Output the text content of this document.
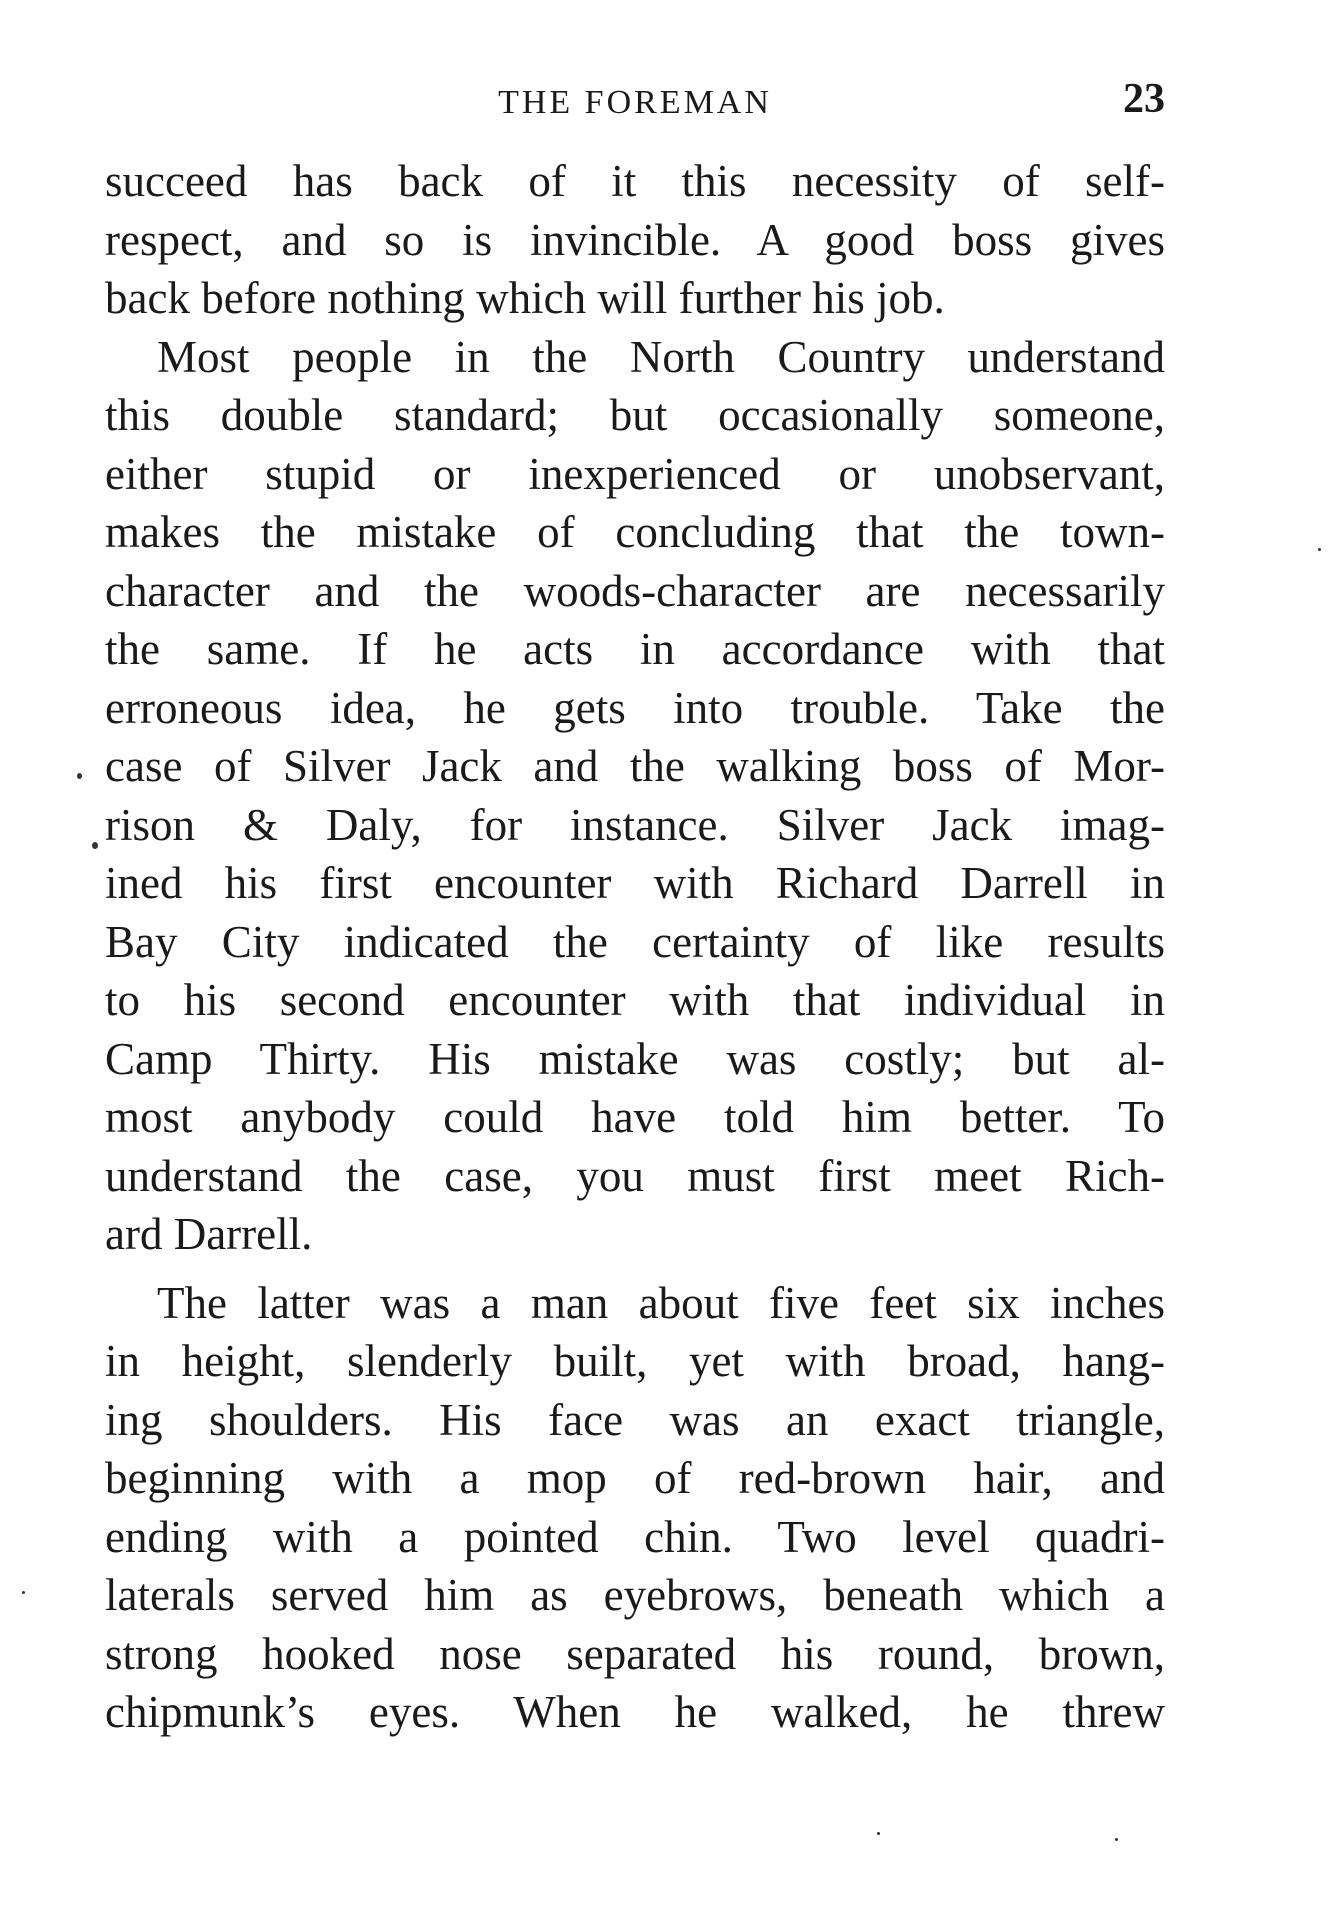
THE FOREMAN	23
succeed has back of it this necessity of self-
respect, and so is invincible. A good boss gives
back before nothing which will further his job.
Most people in the North Country understand
this double standard; but occasionally someone,
either stupid or inexperienced or unobservant,
makes the mistake of concluding that the town-
character and the woods-character are necessarily
the same. If he acts in accordance with that
erroneous idea, he gets into trouble. Take the
case of Silver Jack and the walking boss of Mor-
rison & Daly, for instance. Silver Jack imag-
ined his first encounter with Richard Darrell in
Bay City indicated the certainty of like results
to his second encounter with that individual in
Camp Thirty. His mistake was costly; but al-
most anybody could have told him better. To
understand the case, you must first meet Rich-
ard Darrell.
The latter was a man about five feet six inches
in height, slenderly built, yet with broad, hang-
ing shoulders. His face was an exact triangle,
beginning with a mop of red-brown hair, and
ending with a pointed chin. Two level quadri-
laterals served him as eyebrows, beneath which a
strong hooked nose separated his round, brown,
chipmunk’s eyes. When he walked, he threw
